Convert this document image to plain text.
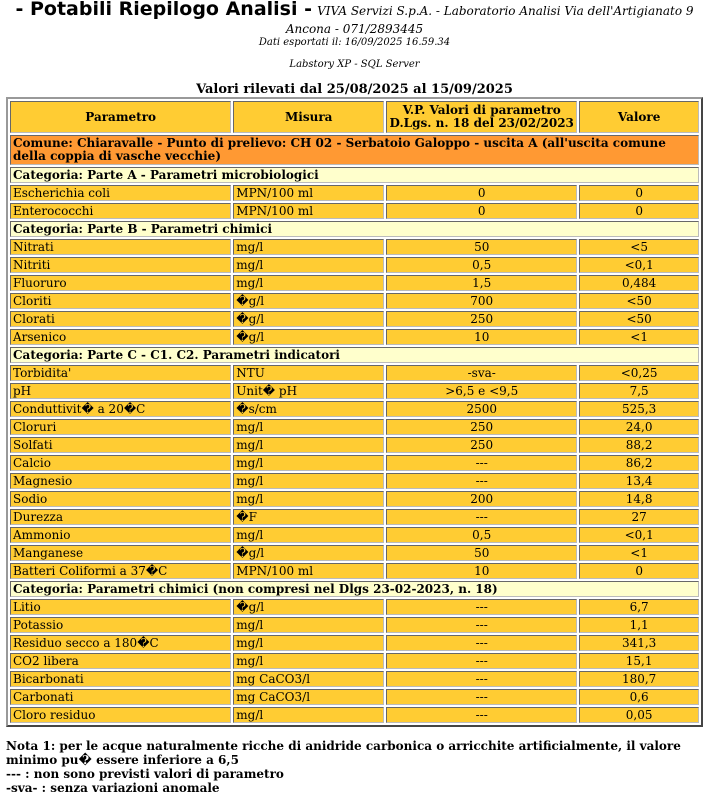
- Potabili Riepilogo Analisi - VIVA Servizi S.p.A. - Laboratorio Analisi Via dell'Artigianato 9 Ancona - 071/2893445
Dati esportati il: 16/09/2025 16.59.34
Labstory XP - SQL Server
Valori rilevati dal 25/08/2025 al 15/09/2025
Parametro	Misura	V.P. Valori di parametro D.Lgs. n. 18 del 23/02/2023	Valore
Comune: Chiaravalle - Punto di prelievo: CH 02 - Serbatoio Galoppo - uscita A (all'uscita comune della coppia di vasche vecchie)			
Categoria: Parte A - Parametri microbiologici			
Escherichia coli	MPN/100 ml	0	0
Enterococchi	MPN/100 ml	0	0
Categoria: Parte B - Parametri chimici			
Nitrati	mg/l	50	<5
Nitriti	mg/l	0,5	<0,1
Fluoruro	mg/l	1,5	0,484
Cloriti	�g/l	700	<50
Clorati	�g/l	250	<50
Arsenico	�g/l	10	<1
Categoria: Parte C - C1. C2. Parametri indicatori			
Torbidita'	NTU	-sva-	<0,25
pH	Unit� pH	>6,5 e <9,5	7,5
Conduttivit� a 20�C	�s/cm	2500	525,3
Cloruri	mg/l	250	24,0
Solfati	mg/l	250	88,2
Calcio	mg/l	---	86,2
Magnesio	mg/l	---	13,4
Sodio	mg/l	200	14,8
Durezza	�F	---	27
Ammonio	mg/l	0,5	<0,1
Manganese	�g/l	50	<1
Batteri Coliformi a 37�C	MPN/100 ml	10	0
Categoria: Parametri chimici (non compresi nel Dlgs 23-02-2023, n. 18)			
Litio	�g/l	---	6,7
Potassio	mg/l	---	1,1
Residuo secco a 180�C	mg/l	---	341,3
CO2 libera	mg/l	---	15,1
Bicarbonati	mg CaCO3/l	---	180,7
Carbonati	mg CaCO3/l	---	0,6
Cloro residuo	mg/l	---	0,05
Nota 1: per le acque naturalmente ricche di anidride carbonica o arricchite artificialmente, il valore minimo pu� essere inferiore a 6,5
--- : non sono previsti valori di parametro
-sva- : senza variazioni anomale
